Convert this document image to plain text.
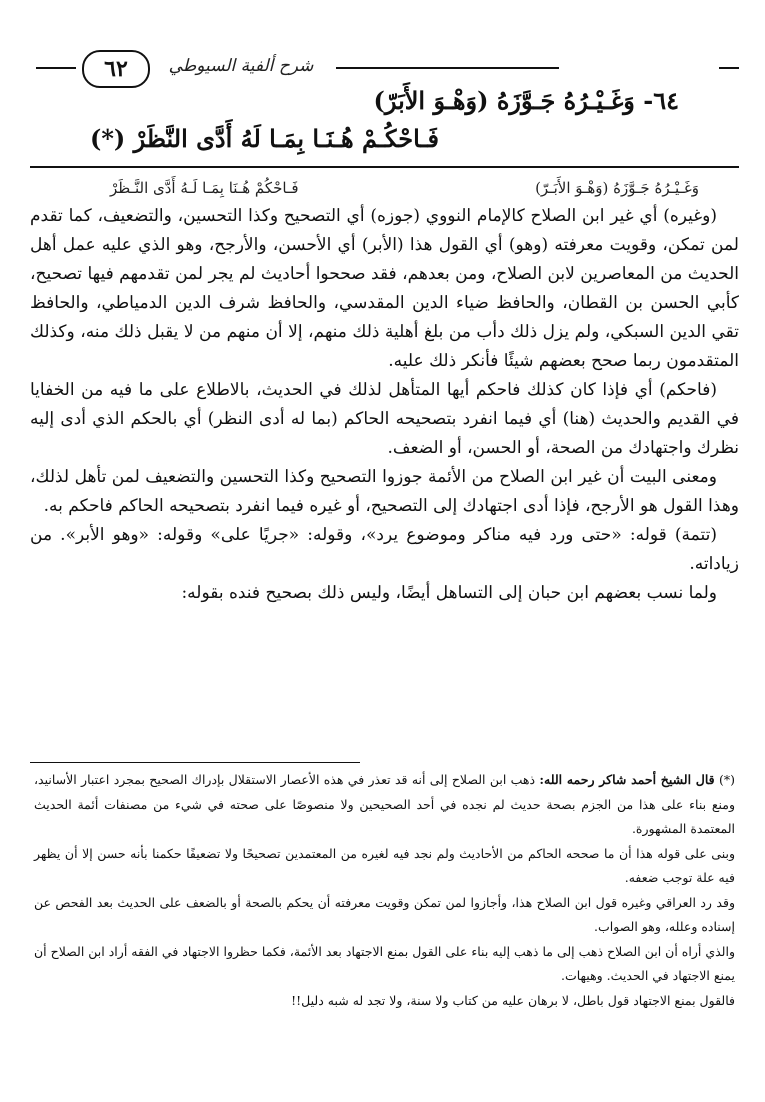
شرح ألفية السيوطي
٦٢
٦٤- وَغَـيْـرُهُ جَـوَّزَهُ (وَهْـوَ الأَبَرّ)
فَـاحْكُـمْ هُـنَـا بِمَـا لَهُ أَدَّى النَّظَرْ (*)
وَغَـيْـرُهُ جَـوَّزَهُ (وَهْـوَ الأَبَـرّ)
فَـاحْكُمْ هُـنَا بِمَـا لَـهُ أَدَّى النَّـظَرْ

(وغيره) أي غير ابن الصلاح كالإمام النووي (جوزه) أي التصحيح وكذا التحسين، والتضعيف، كما تقدم لمن تمكن، وقويت معرفته (وهو) أي القول هذا (الأبر) أي الأحسن، والأرجح، وهو الذي عليه عمل أهل الحديث من المعاصرين لابن الصلاح، ومن بعدهم، فقد صححوا أحاديث لم يجر لمن تقدمهم فيها تصحيح، كأبي الحسن بن القطان، والحافظ ضياء الدين المقدسي، والحافظ شرف الدين الدمياطي، والحافظ تقي الدين السبكي، ولم يزل ذلك دأب من بلغ أهلية ذلك منهم، إلا أن منهم من لا يقبل ذلك منه، وكذلك المتقدمون ربما صحح بعضهم شيئًا فأنكر ذلك عليه.

(فاحكم) أي فإذا كان كذلك فاحكم أيها المتأهل لذلك في الحديث، بالاطلاع على ما فيه من الخفايا في القديم والحديث (هنا) أي فيما انفرد بتصحيحه الحاكم (بما له أدى النظر) أي بالحكم الذي أدى إليه نظرك واجتهادك من الصحة، أو الحسن، أو الضعف.

ومعنى البيت أن غير ابن الصلاح من الأئمة جوزوا التصحيح وكذا التحسين والتضعيف لمن تأهل لذلك، وهذا القول هو الأرجح، فإذا أدى اجتهادك إلى التصحيح، أو غيره فيما انفرد بتصحيحه الحاكم فاحكم به.

(تتمة) قوله: «حتى ورد فيه مناكر وموضوع يرد»، وقوله: «جريًا على» وقوله: «وهو الأبر». من زياداته.

ولما نسب بعضهم ابن حبان إلى التساهل أيضًا، وليس ذلك بصحيح فنده بقوله:

(*) قال الشيخ أحمد شاكر رحمه الله: ذهب ابن الصلاح إلى أنه قد تعذر في هذه الأعصار الاستقلال بإدراك الصحيح بمجرد اعتبار الأسانيد، ومنع بناء على هذا من الجزم بصحة حديث لم نجده في أحد الصحيحين ولا منصوصًا على صحته في شيء من مصنفات أئمة الحديث المعتمدة المشهورة.

وبنى على قوله هذا أن ما صححه الحاكم من الأحاديث ولم نجد فيه لغيره من المعتمدين تصحيحًا ولا تضعيفًا حكمنا بأنه حسن إلا أن يظهر فيه علة توجب ضعفه.

وقد رد العراقي وغيره قول ابن الصلاح هذا، وأجازوا لمن تمكن وقويت معرفته أن يحكم بالصحة أو بالضعف على الحديث بعد الفحص عن إسناده وعلله، وهو الصواب.

والذي أراه أن ابن الصلاح ذهب إلى ما ذهب إليه بناء على القول بمنع الاجتهاد بعد الأئمة، فكما حظروا الاجتهاد في الفقه أراد ابن الصلاح أن يمنع الاجتهاد في الحديث. وهيهات.

فالقول بمنع الاجتهاد قول باطل، لا برهان عليه من كتاب ولا سنة، ولا تجد له شبه دليل!!
